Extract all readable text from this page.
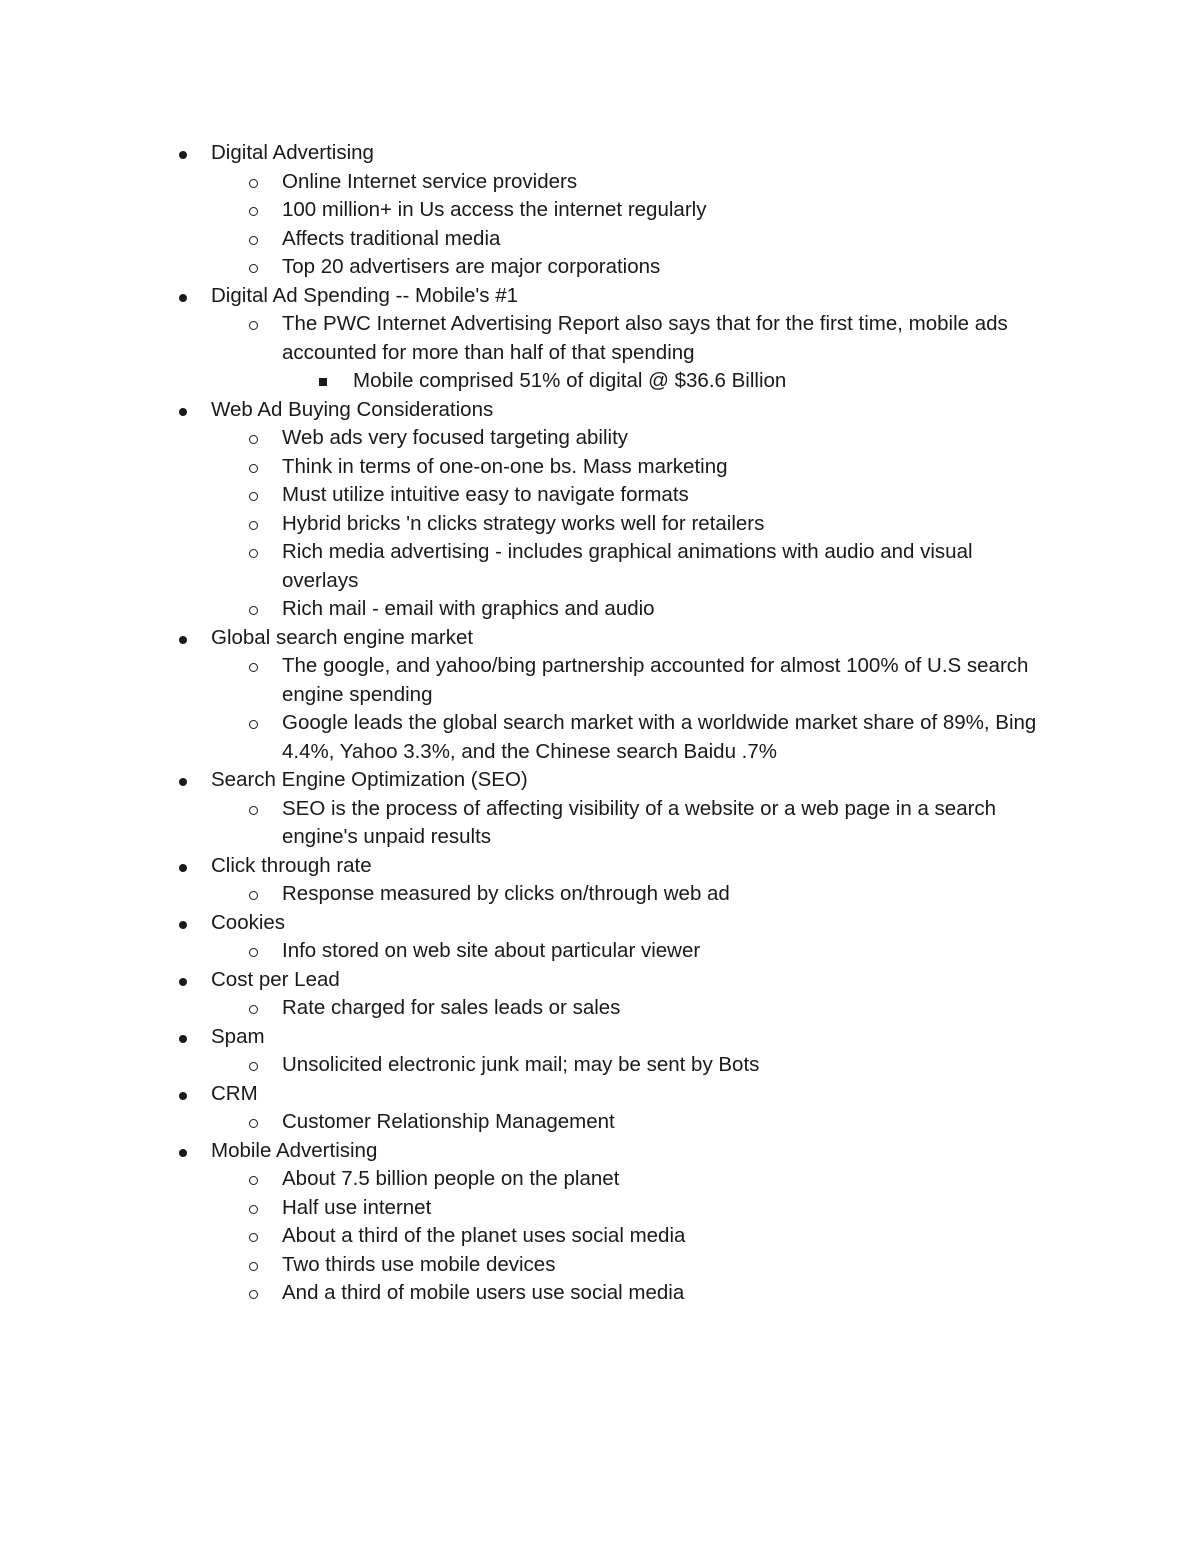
Digital Advertising
Online Internet service providers
100 million+ in Us access the internet regularly
Affects traditional media
Top 20 advertisers are major corporations
Digital Ad Spending -- Mobile's #1
The PWC Internet Advertising Report also says that for the first time, mobile ads accounted for more than half of that spending
Mobile comprised 51% of digital @ $36.6 Billion
Web Ad Buying Considerations
Web ads very focused targeting ability
Think in terms of one-on-one bs. Mass marketing
Must utilize intuitive easy to navigate formats
Hybrid bricks 'n clicks strategy works well for retailers
Rich media advertising - includes graphical animations with audio and visual overlays
Rich mail - email with graphics and audio
Global search engine market
The google, and yahoo/bing partnership accounted for almost 100% of U.S search engine spending
Google leads the global search market with a worldwide market share of 89%, Bing 4.4%, Yahoo 3.3%, and the Chinese search Baidu .7%
Search Engine Optimization (SEO)
SEO is the process of affecting visibility of a website or a web page in a search engine's unpaid results
Click through rate
Response measured by clicks on/through web ad
Cookies
Info stored on web site about particular viewer
Cost per Lead
Rate charged for sales leads or sales
Spam
Unsolicited electronic junk mail; may be sent by Bots
CRM
Customer Relationship Management
Mobile Advertising
About 7.5 billion people on the planet
Half use internet
About a third of the planet uses social media
Two thirds use mobile devices
And a third of mobile users use social media
